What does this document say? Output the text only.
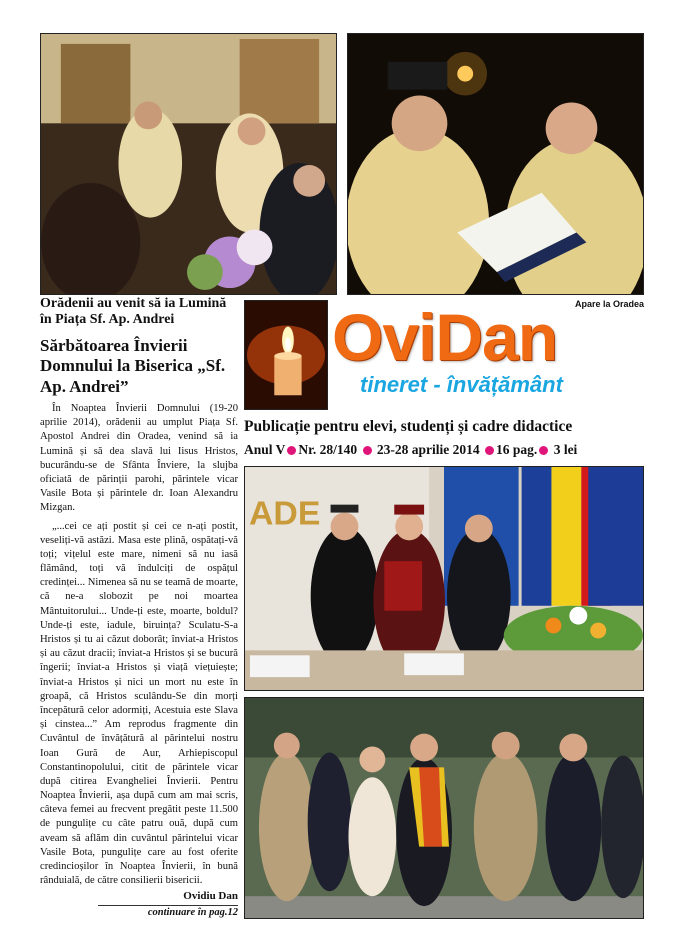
ADE
Apare la Oradea
OviDan
tineret - învățământ
Publicație pentru elevi, studenți și cadre didactice
Anul V Nr. 28/140 23-28 aprilie 2014 16 pag. 3 lei
Orădenii au venit să ia Lumină în Piața Sf. Ap. Andrei
Sărbătoarea Învierii Domnului la Biserica „Sf. Ap. Andrei”

În Noaptea Învierii Domnului (19-20 aprilie 2014), orădenii au umplut Piața Sf. Apostol Andrei din Oradea, venind să ia Lumină și să dea slavă lui Iisus Hristos, bucurându-se de Sfânta Înviere, la slujba oficiată de părinții parohi, părintele vicar Vasile Bota și părintele dr. Ioan Alexandru Mizgan.

„...cei ce ați postit și cei ce n-ați postit, veseliți-vă astăzi. Masa este plină, ospătați-vă toți; vițelul este mare, nimeni să nu iasă flămând, toți vă îndulciți de ospățul credinței... Nimenea să nu se teamă de moarte, că ne-a slobozit pe noi moartea Mântuitorului... Unde-ți este, moarte, boldul? Unde-ți este, iadule, biruința? Sculatu-S-a Hristos și tu ai căzut doborât; înviat-a Hristos și au căzut dracii; înviat-a Hristos și se bucură îngerii; înviat-a Hristos și viață viețuiește; înviat-a Hristos și nici un mort nu este în groapă, că Hristos sculându-Se din morți începătură celor adormiți, Acestuia este Slava și cinstea...” Am reprodus fragmente din Cuvântul de învățătură al părintelui nostru Ioan Gură de Aur, Arhiepiscopul Constantinopolului, citit de părintele vicar după citirea Evangheliei Învierii. Pentru Noaptea Învierii, așa după cum am mai scris, câteva femei au frecvent pregătit peste 11.500 de pungulițe cu câte patru ouă, după cum aveam să aflăm din cuvântul părintelui vicar Vasile Bota, pungulițe care au fost oferite credincioșilor în Noaptea Învierii, în bună rânduială, de către consilierii bisericii.

Ovidiu Dan
continuare în pag.12
